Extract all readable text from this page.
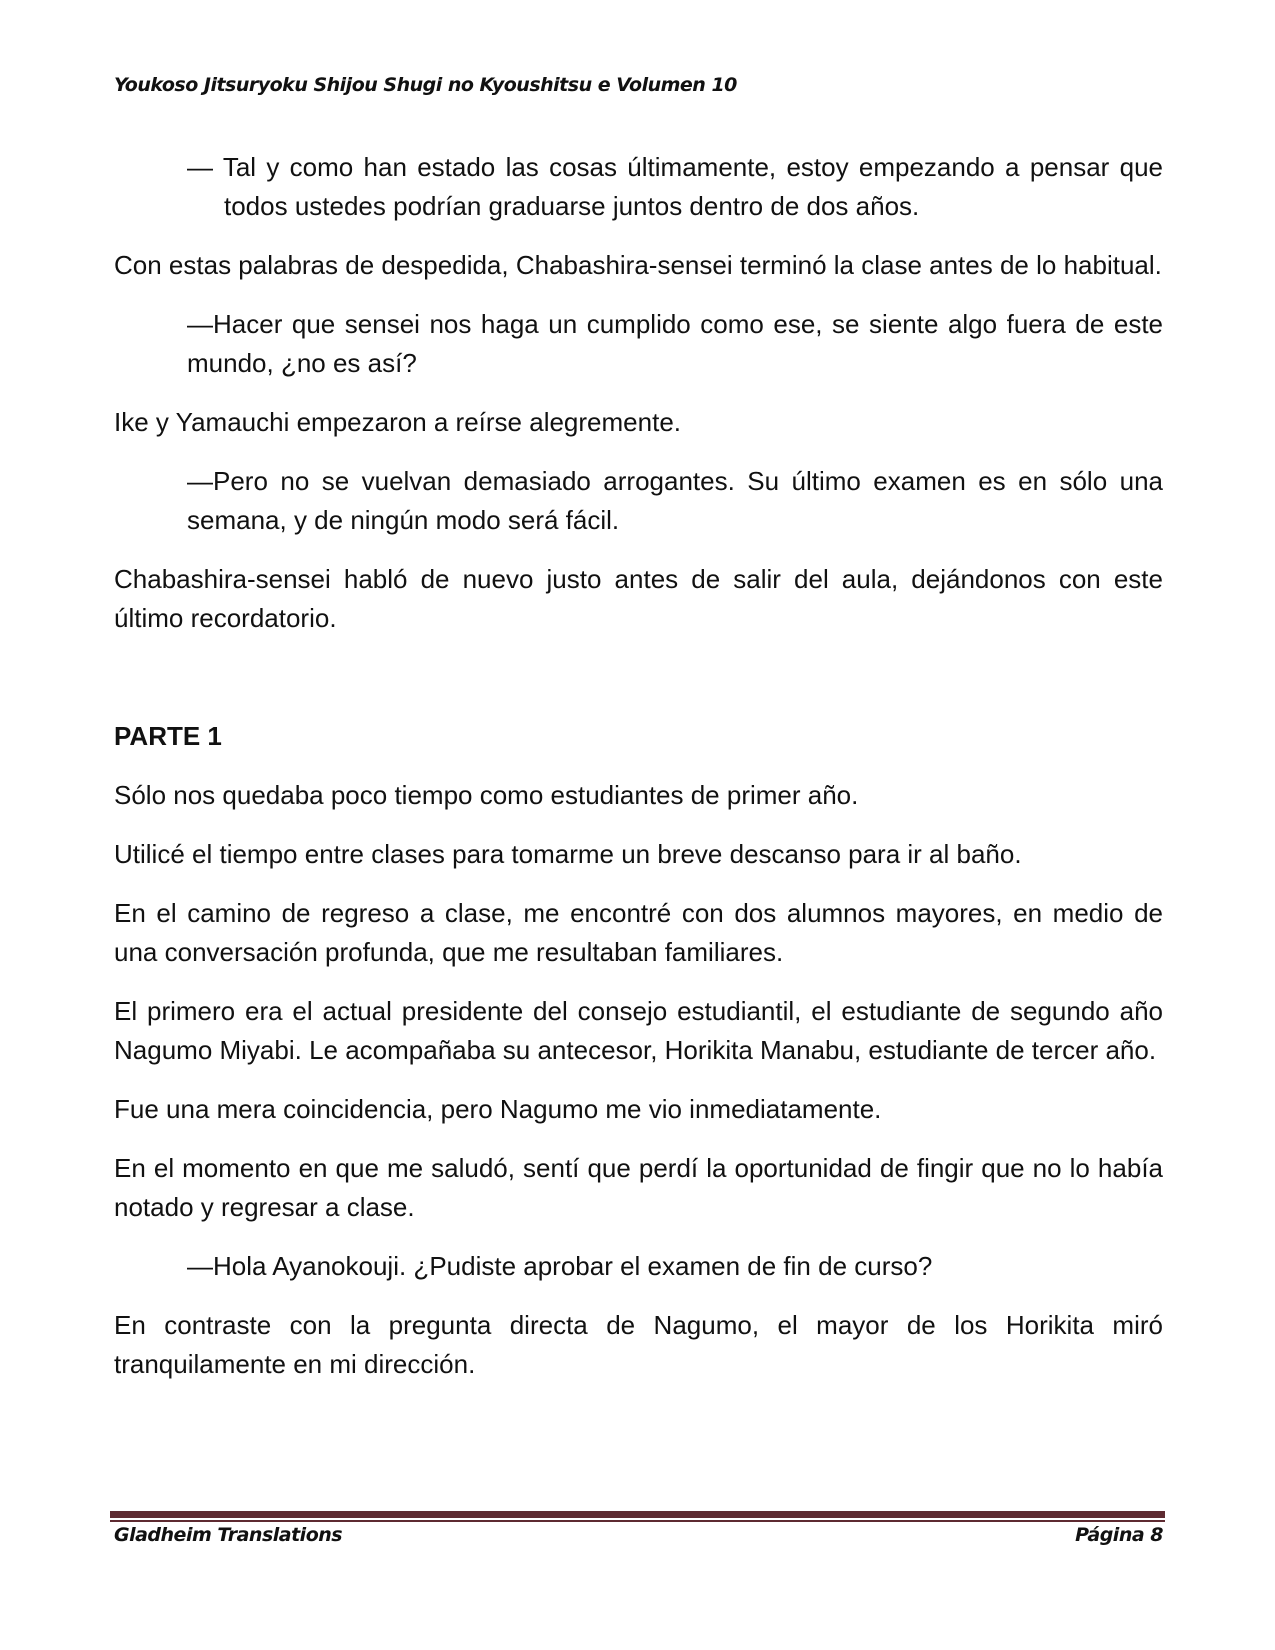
Youkoso Jitsuryoku Shijou Shugi no Kyoushitsu e Volumen 10
— Tal y como han estado las cosas últimamente, estoy empezando a pensar que todos ustedes podrían graduarse juntos dentro de dos años.
Con estas palabras de despedida, Chabashira-sensei terminó la clase antes de lo habitual.
—Hacer que sensei nos haga un cumplido como ese, se siente algo fuera de este mundo, ¿no es así?
Ike y Yamauchi empezaron a reírse alegremente.
—Pero no se vuelvan demasiado arrogantes. Su último examen es en sólo una semana, y de ningún modo será fácil.
Chabashira-sensei habló de nuevo justo antes de salir del aula, dejándonos con este último recordatorio.
PARTE 1
Sólo nos quedaba poco tiempo como estudiantes de primer año.
Utilicé el tiempo entre clases para tomarme un breve descanso para ir al baño.
En el camino de regreso a clase, me encontré con dos alumnos mayores, en medio de una conversación profunda, que me resultaban familiares.
El primero era el actual presidente del consejo estudiantil, el estudiante de segundo año Nagumo Miyabi. Le acompañaba su antecesor, Horikita Manabu, estudiante de tercer año.
Fue una mera coincidencia, pero Nagumo me vio inmediatamente.
En el momento en que me saludó, sentí que perdí la oportunidad de fingir que no lo había notado y regresar a clase.
—Hola Ayanokouji. ¿Pudiste aprobar el examen de fin de curso?
En contraste con la pregunta directa de Nagumo, el mayor de los Horikita miró tranquilamente en mi dirección.
Gladheim Translations	Página 8
